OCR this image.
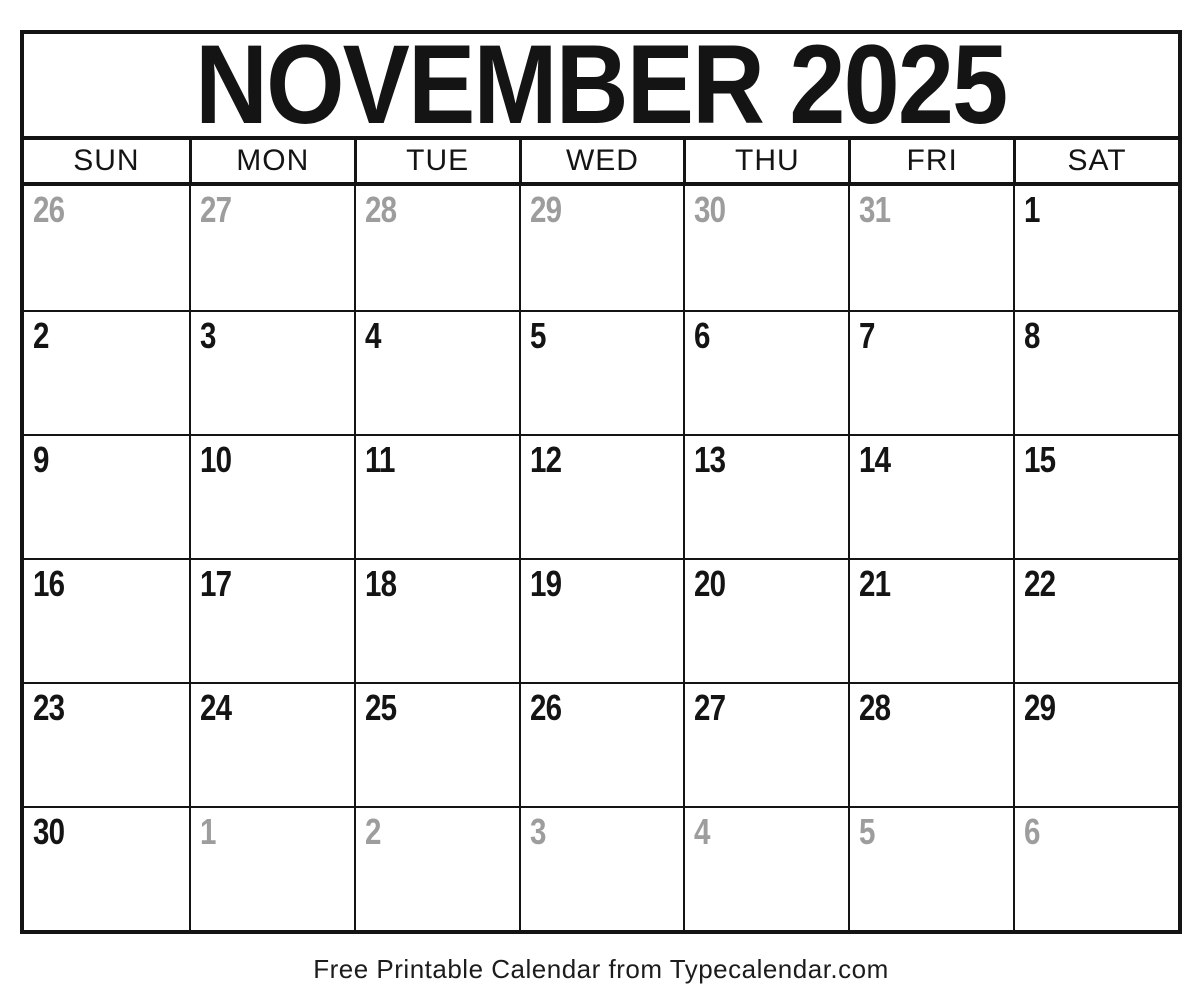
NOVEMBER 2025
SUN	MON	TUE	WED	THU	FRI	SAT
26	27	28	29	30	31	1
2	3	4	5	6	7	8
9	10	11	12	13	14	15
16	17	18	19	20	21	22
23	24	25	26	27	28	29
30	1	2	3	4	5	6
Free Printable Calendar from Typecalendar.com
